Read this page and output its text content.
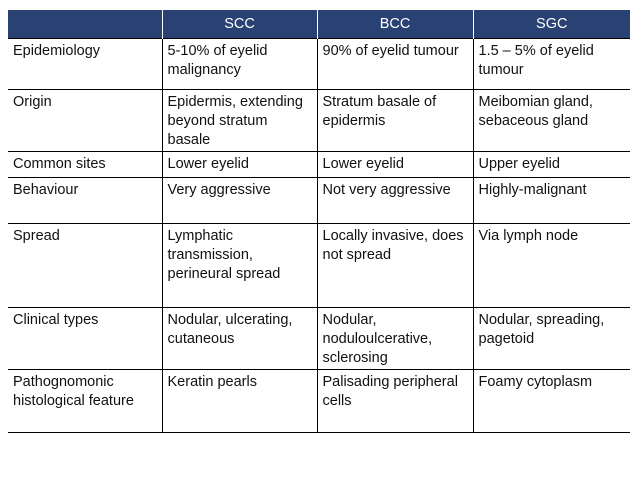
	SCC	BCC	SGC
Epidemiology	5-10% of eyelid malignancy	90% of eyelid tumour	1.5 – 5% of eyelid tumour
Origin	Epidermis, extending beyond stratum basale	Stratum basale of epidermis	Meibomian gland, sebaceous gland
Common sites	Lower eyelid	Lower eyelid	Upper eyelid
Behaviour	Very aggressive	Not very aggressive	Highly-malignant
Spread	Lymphatic transmission, perineural spread	Locally invasive, does not spread	Via lymph node
Clinical types	Nodular, ulcerating, cutaneous	Nodular, noduloulcerative, sclerosing	Nodular, spreading, pagetoid
Pathognomonic histological feature	Keratin pearls	Palisading peripheral cells	Foamy cytoplasm
